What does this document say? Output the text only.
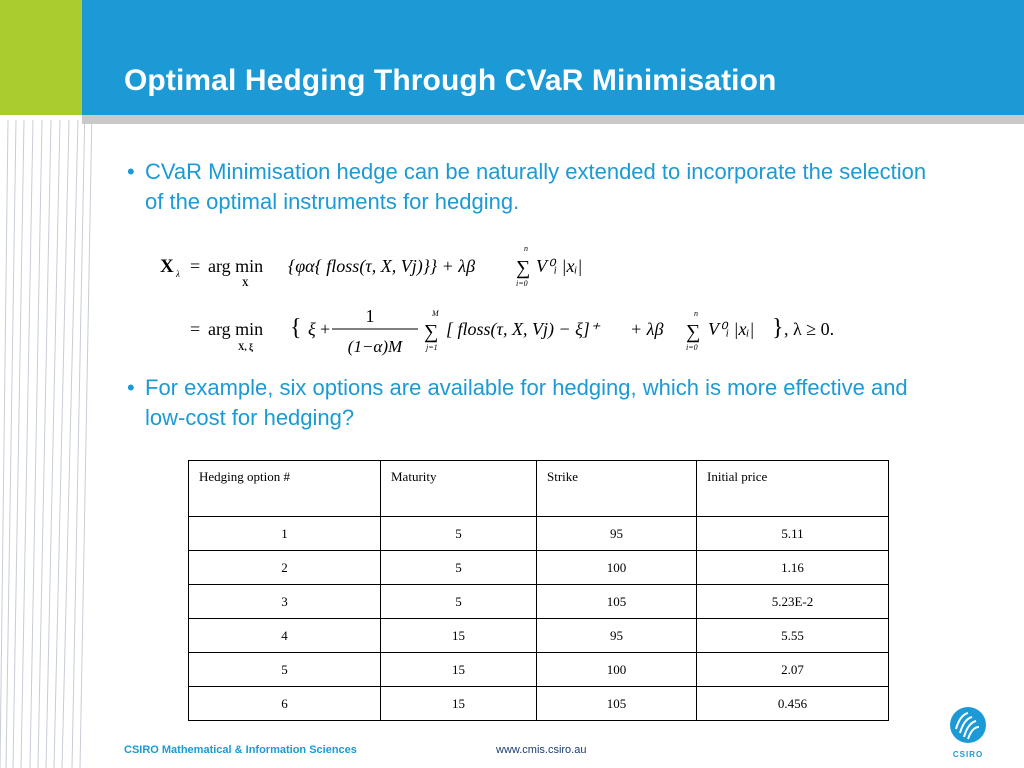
Optimal Hedging Through CVaR Minimisation
• CVaR Minimisation hedge can be naturally extended to incorporate the selection of the optimal instruments for hedging.
X λ = arg min
X
{φα{ floss(τ, X, Vj)}} + λβ
n
∑
i=0
V⁰ᵢ |xᵢ|
= arg min
X, ξ
{ ξ +
1
(1−α)M
M
∑
j=1
[ floss(τ, X, Vj) − ξ]⁺ + λβ
n
∑
i=0
V⁰ᵢ |xᵢ| } , λ ≥ 0.
• For example, six options are available for hedging, which is more effective and low-cost for hedging?
Hedging option #	Maturity	Strike	Initial price
1	5	95	5.11
2	5	100	1.16
3	5	105	5.23E-2
4	15	95	5.55
5	15	100	2.07
6	15	105	0.456
CSIRO Mathematical & Information Sciences	www.cmis.csiro.au	CSIRO
